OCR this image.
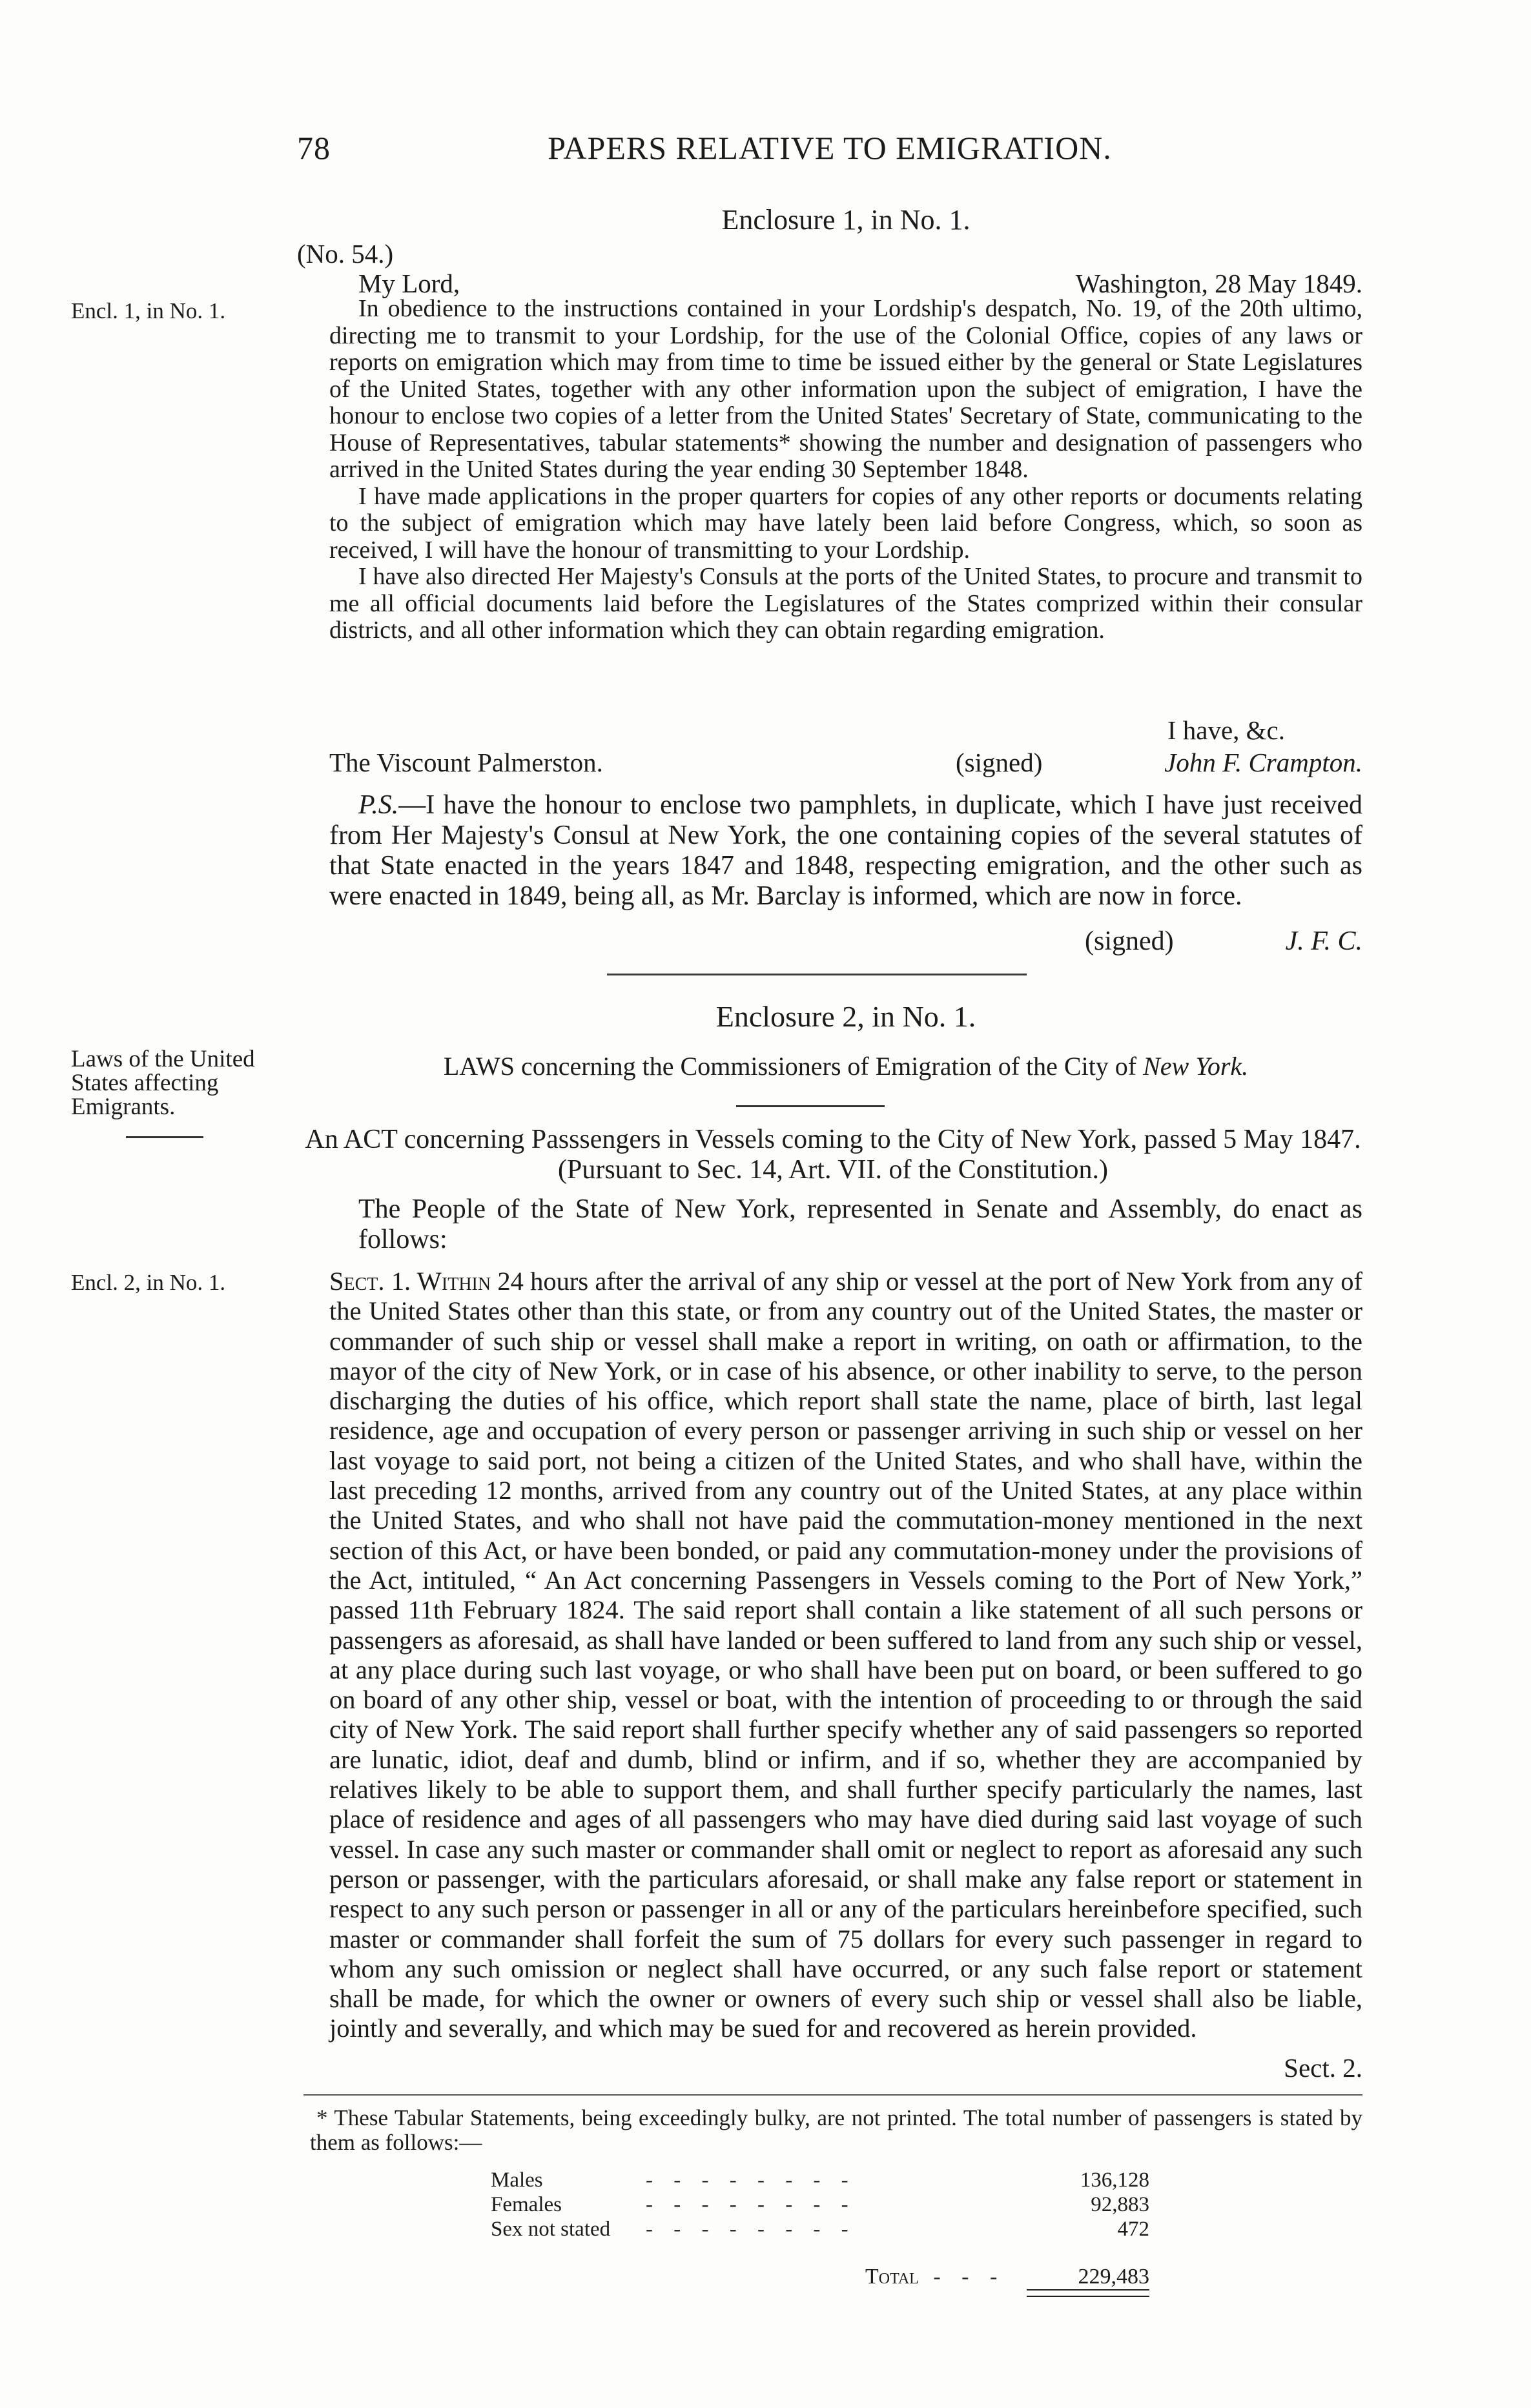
78	PAPERS RELATIVE TO EMIGRATION.
Enclosure 1, in No. 1.
(No. 54.)
My Lord,	Washington, 28 May 1849.
Encl. 1, in No. 1.	In obedience to the instructions contained in your Lordship's despatch, No. 19, of the 20th ultimo, directing me to transmit to your Lordship, for the use of the Colonial Office, copies of any laws or reports on emigration which may from time to time be issued either by the general or State Legislatures of the United States, together with any other information upon the subject of emigration, I have the honour to enclose two copies of a letter from the United States' Secretary of State, communicating to the House of Representatives, tabular statements* showing the number and designation of passengers who arrived in the United States during the year ending 30 September 1848.

I have made applications in the proper quarters for copies of any other reports or documents relating to the subject of emigration which may have lately been laid before Congress, which, so soon as received, I will have the honour of transmitting to your Lordship.

I have also directed Her Majesty's Consuls at the ports of the United States, to procure and transmit to me all official documents laid before the Legislatures of the States comprized within their consular districts, and all other information which they can obtain regarding emigration.

I have, &c.
The Viscount Palmerston.	(signed)	John F. Crampton.

P.S.—I have the honour to enclose two pamphlets, in duplicate, which I have just received from Her Majesty's Consul at New York, the one containing copies of the several statutes of that State enacted in the years 1847 and 1848, respecting emigration, and the other such as were enacted in 1849, being all, as Mr. Barclay is informed, which are now in force.

(signed)	J. F. C.
Enclosure 2, in No. 1.
Laws of the United States affecting Emigrants.
LAWS concerning the Commissioners of Emigration of the City of New York.
An ACT concerning Passsengers in Vessels coming to the City of New York, passed 5 May 1847. (Pursuant to Sec. 14, Art. VII. of the Constitution.)
The People of the State of New York, represented in Senate and Assembly, do enact as follows:
Encl. 2, in No. 1.	Sect. 1. Within 24 hours after the arrival of any ship or vessel at the port of New York from any of the United States other than this state, or from any country out of the United States, the master or commander of such ship or vessel shall make a report in writing, on oath or affirmation, to the mayor of the city of New York, or in case of his absence, or other inability to serve, to the person discharging the duties of his office, which report shall state the name, place of birth, last legal residence, age and occupation of every person or passenger arriving in such ship or vessel on her last voyage to said port, not being a citizen of the United States, and who shall have, within the last preceding 12 months, arrived from any country out of the United States, at any place within the United States, and who shall not have paid the commutation-money mentioned in the next section of this Act, or have been bonded, or paid any commutation-money under the provisions of the Act, intituled, “ An Act concerning Passengers in Vessels coming to the Port of New York,” passed 11th February 1824. The said report shall contain a like statement of all such persons or passengers as aforesaid, as shall have landed or been suffered to land from any such ship or vessel, at any place during such last voyage, or who shall have been put on board, or been suffered to go on board of any other ship, vessel or boat, with the intention of proceeding to or through the said city of New York. The said report shall further specify whether any of said passengers so reported are lunatic, idiot, deaf and dumb, blind or infirm, and if so, whether they are accompanied by relatives likely to be able to support them, and shall further specify particularly the names, last place of residence and ages of all passengers who may have died during said last voyage of such vessel. In case any such master or commander shall omit or neglect to report as aforesaid any such person or passenger, with the particulars aforesaid, or shall make any false report or statement in respect to any such person or passenger in all or any of the particulars hereinbefore specified, such master or commander shall forfeit the sum of 75 dollars for every such passenger in regard to whom any such omission or neglect shall have occurred, or any such false report or statement shall be made, for which the owner or owners of every such ship or vessel shall also be liable, jointly and severally, and which may be sued for and recovered as herein provided.

Sect. 2.

* These Tabular Statements, being exceedingly bulky, are not printed. The total number of passengers is stated by them as follows:—

Males	- - - - - - - -	136,128
Females	- - - - - - - -	92,883
Sex not stated	- - - - - - - -	472
Total - - -	229,483
